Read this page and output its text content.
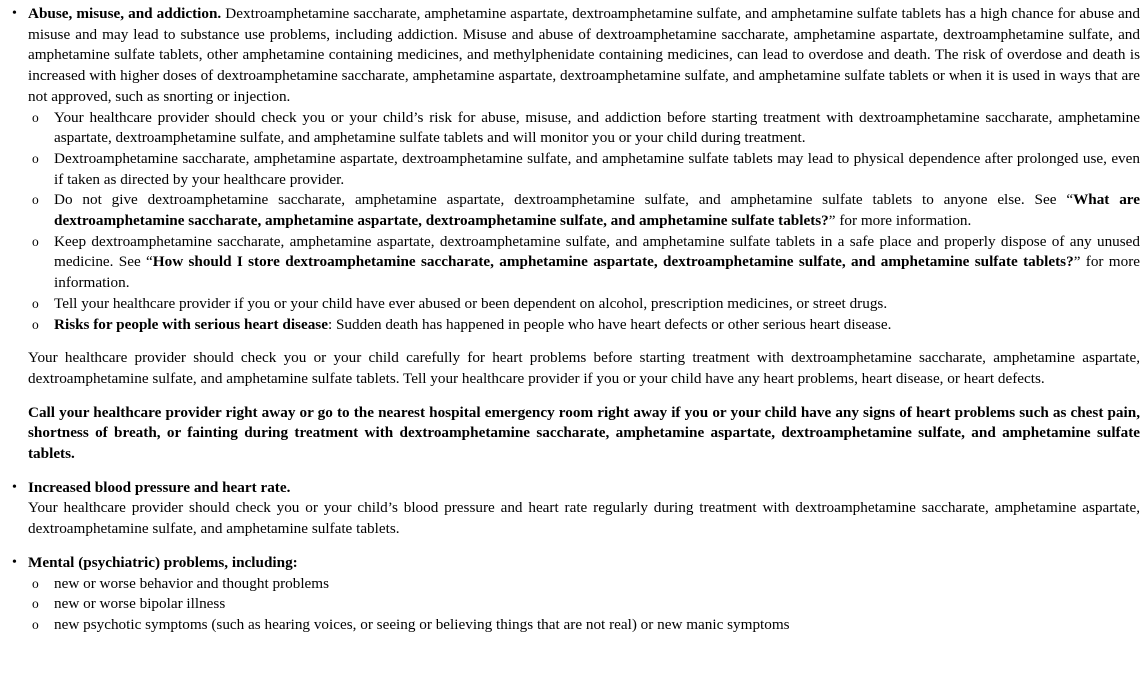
• Abuse, misuse, and addiction. Dextroamphetamine saccharate, amphetamine aspartate, dextroamphetamine sulfate, and amphetamine sulfate tablets has a high chance for abuse and misuse and may lead to substance use problems, including addiction. Misuse and abuse of dextroamphetamine saccharate, amphetamine aspartate, dextroamphetamine sulfate, and amphetamine sulfate tablets, other amphetamine containing medicines, and methylphenidate containing medicines, can lead to overdose and death. The risk of overdose and death is increased with higher doses of dextroamphetamine saccharate, amphetamine aspartate, dextroamphetamine sulfate, and amphetamine sulfate tablets or when it is used in ways that are not approved, such as snorting or injection.
o Your healthcare provider should check you or your child’s risk for abuse, misuse, and addiction before starting treatment with dextroamphetamine saccharate, amphetamine aspartate, dextroamphetamine sulfate, and amphetamine sulfate tablets and will monitor you or your child during treatment.
o Dextroamphetamine saccharate, amphetamine aspartate, dextroamphetamine sulfate, and amphetamine sulfate tablets may lead to physical dependence after prolonged use, even if taken as directed by your healthcare provider.
o Do not give dextroamphetamine saccharate, amphetamine aspartate, dextroamphetamine sulfate, and amphetamine sulfate tablets to anyone else. See “What are dextroamphetamine saccharate, amphetamine aspartate, dextroamphetamine sulfate, and amphetamine sulfate tablets?” for more information.
o Keep dextroamphetamine saccharate, amphetamine aspartate, dextroamphetamine sulfate, and amphetamine sulfate tablets in a safe place and properly dispose of any unused medicine. See “How should I store dextroamphetamine saccharate, amphetamine aspartate, dextroamphetamine sulfate, and amphetamine sulfate tablets?” for more information.
o Tell your healthcare provider if you or your child have ever abused or been dependent on alcohol, prescription medicines, or street drugs.
o Risks for people with serious heart disease: Sudden death has happened in people who have heart defects or other serious heart disease.
Your healthcare provider should check you or your child carefully for heart problems before starting treatment with dextroamphetamine saccharate, amphetamine aspartate, dextroamphetamine sulfate, and amphetamine sulfate tablets. Tell your healthcare provider if you or your child have any heart problems, heart disease, or heart defects.
Call your healthcare provider right away or go to the nearest hospital emergency room right away if you or your child have any signs of heart problems such as chest pain, shortness of breath, or fainting during treatment with dextroamphetamine saccharate, amphetamine aspartate, dextroamphetamine sulfate, and amphetamine sulfate tablets.
• Increased blood pressure and heart rate.
Your healthcare provider should check you or your child’s blood pressure and heart rate regularly during treatment with dextroamphetamine saccharate, amphetamine aspartate, dextroamphetamine sulfate, and amphetamine sulfate tablets.
• Mental (psychiatric) problems, including:
o new or worse behavior and thought problems
o new or worse bipolar illness
o new psychotic symptoms (such as hearing voices, or seeing or believing things that are not real) or new manic symptoms
